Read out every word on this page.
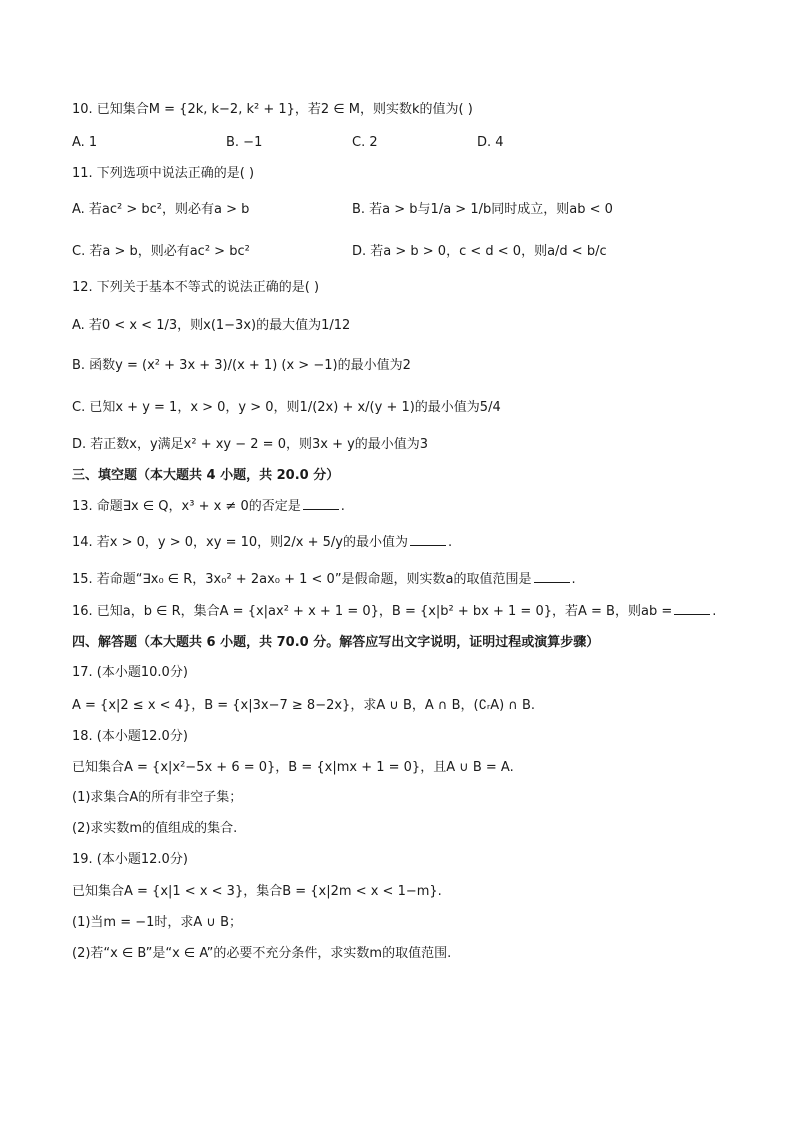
10. 已知集合M = {2k, k−2, k² + 1}，若2 ∈ M，则实数k的值为( )
A. 1	B. −1	C. 2	D. 4
11. 下列选项中说法正确的是( )
A. 若ac² > bc²，则必有a > b	B. 若a > b与1/a > 1/b同时成立，则ab < 0
C. 若a > b，则必有ac² > bc²	D. 若a > b > 0，c < d < 0，则a/d < b/c
12. 下列关于基本不等式的说法正确的是( )
A. 若0 < x < 1/3，则x(1−3x)的最大值为1/12
B. 函数y = (x² + 3x + 3)/(x + 1) (x > −1)的最小值为2
C. 已知x + y = 1，x > 0，y > 0，则1/(2x) + x/(y + 1)的最小值为5/4
D. 若正数x，y满足x² + xy − 2 = 0，则3x + y的最小值为3
三、填空题（本大题共 4 小题，共 20.0 分）
13. 命题∃x ∈ Q，x³ + x ≠ 0的否定是	.
14. 若x > 0，y > 0，xy = 10，则2/x + 5/y的最小值为	.
15. 若命题“∃x₀ ∈ R，3x₀² + 2ax₀ + 1 < 0”是假命题，则实数a的取值范围是	.
16. 已知a，b ∈ R，集合A = {x|ax² + x + 1 = 0}，B = {x|b² + bx + 1 = 0}，若A = B，则ab =	.
四、解答题（本大题共 6 小题，共 70.0 分。解答应写出文字说明，证明过程或演算步骤）
17. (本小题10.0分)
A = {x|2 ≤ x < 4}，B = {x|3x−7 ≥ 8−2x}，求A ∪ B，A ∩ B，(∁ᵣA) ∩ B.
18. (本小题12.0分)
已知集合A = {x|x²−5x + 6 = 0}，B = {x|mx + 1 = 0}，且A ∪ B = A.
(1)求集合A的所有非空子集；
(2)求实数m的值组成的集合.
19. (本小题12.0分)
已知集合A = {x|1 < x < 3}，集合B = {x|2m < x < 1−m}.
(1)当m = −1时，求A ∪ B；
(2)若“x ∈ B”是“x ∈ A”的必要不充分条件，求实数m的取值范围.
